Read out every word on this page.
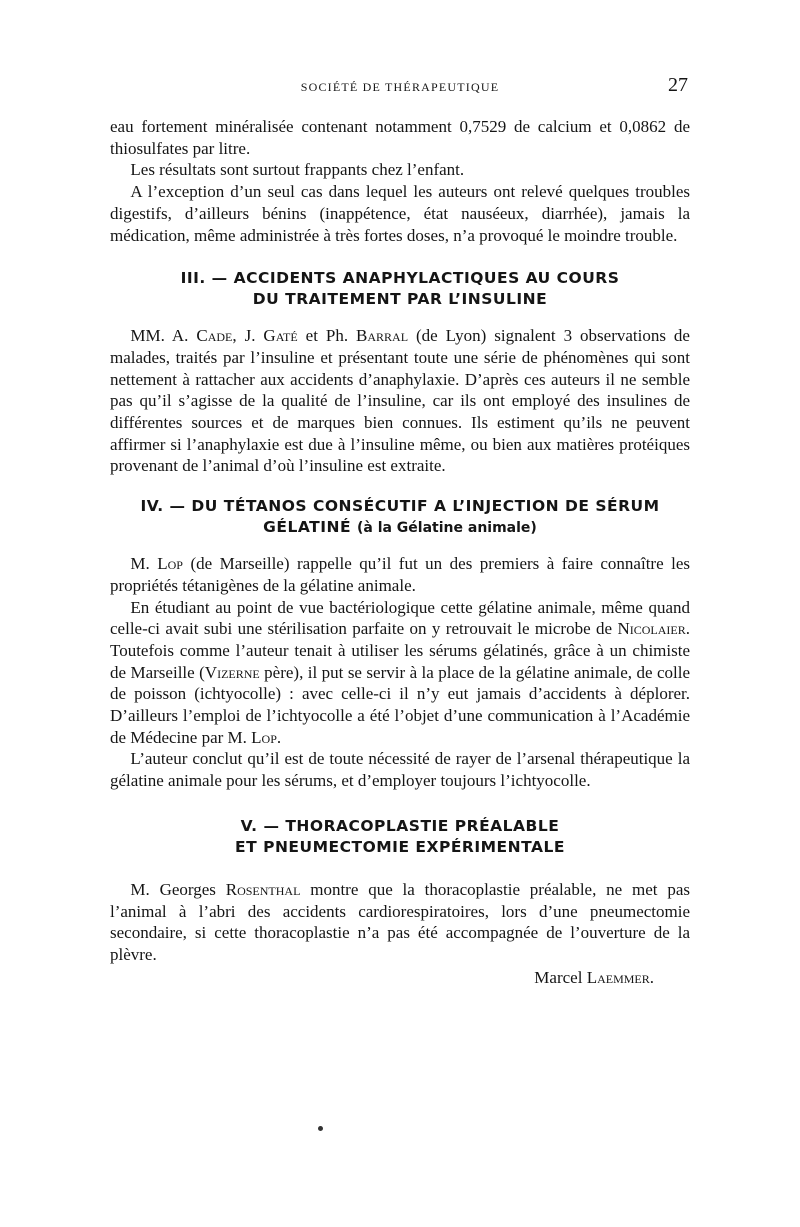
SOCIÉTÉ DE THÉRAPEUTIQUE	27

eau fortement minéralisée contenant notamment 0,7529 de calcium et 0,0862 de thiosulfates par litre.

Les résultats sont surtout frappants chez l’enfant.

A l’exception d’un seul cas dans lequel les auteurs ont relevé quelques troubles digestifs, d’ailleurs bénins (inappétence, état nauséeux, diarrhée), jamais la médication, même administrée à très fortes doses, n’a provoqué le moindre trouble.

III. — ACCIDENTS ANAPHYLACTIQUES AU COURS
DU TRAITEMENT PAR L’INSULINE

MM. A. Cade, J. Gaté et Ph. Barral (de Lyon) signalent 3 observations de malades, traités par l’insuline et présentant toute une série de phénomènes qui sont nettement à rattacher aux accidents d’anaphylaxie. D’après ces auteurs il ne semble pas qu’il s’agisse de la qualité de l’insuline, car ils ont employé des insulines de différentes sources et de marques bien connues. Ils estiment qu’ils ne peuvent affirmer si l’anaphylaxie est due à l’insuline même, ou bien aux matières protéiques provenant de l’animal d’où l’insuline est extraite.

IV. — DU TÉTANOS CONSÉCUTIF A L’INJECTION DE SÉRUM
GÉLATINÉ (à la Gélatine animale)

M. Lop (de Marseille) rappelle qu’il fut un des premiers à faire connaître les propriétés tétanigènes de la gélatine animale.

En étudiant au point de vue bactériologique cette gélatine animale, même quand celle-ci avait subi une stérilisation parfaite on y retrouvait le microbe de Nicolaier. Toutefois comme l’auteur tenait à utiliser les sérums gélatinés, grâce à un chimiste de Marseille (Vizerne père), il put se servir à la place de la gélatine animale, de colle de poisson (ichtyocolle) : avec celle-ci il n’y eut jamais d’accidents à déplorer. D’ailleurs l’emploi de l’ichtyocolle a été l’objet d’une communication à l’Académie de Médecine par M. Lop.

L’auteur conclut qu’il est de toute nécessité de rayer de l’arsenal thérapeutique la gélatine animale pour les sérums, et d’employer toujours l’ichtyocolle.

V. — THORACOPLASTIE PRÉALABLE
ET PNEUMECTOMIE EXPÉRIMENTALE

M. Georges Rosenthal montre que la thoracoplastie préalable, ne met pas l’animal à l’abri des accidents cardiorespiratoires, lors d’une pneumectomie secondaire, si cette thoracoplastie n’a pas été accompagnée de l’ouverture de la plèvre.

Marcel Laemmer.
